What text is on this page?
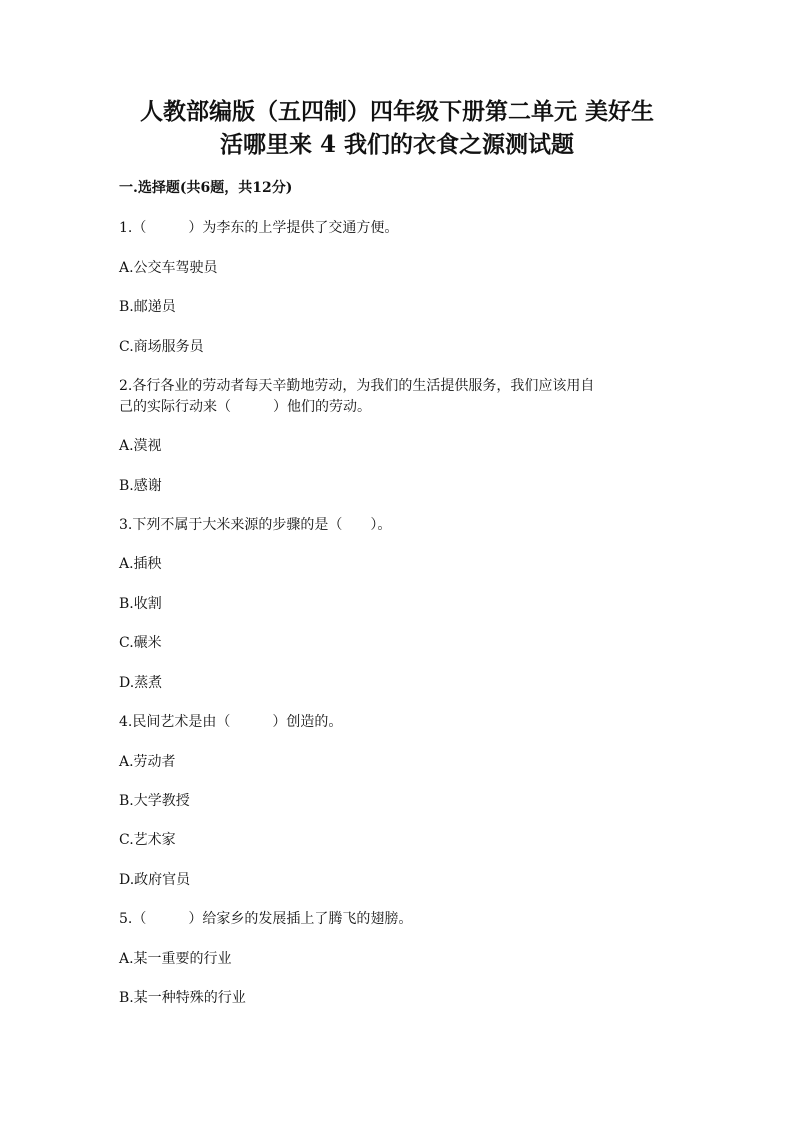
人教部编版（五四制）四年级下册第二单元 美好生
活哪里来 4 我们的衣食之源测试题

一.选择题(共6题，共12分)

1.（　　　）为李东的上学提供了交通方便。

A.公交车驾驶员

B.邮递员

C.商场服务员

2.各行各业的劳动者每天辛勤地劳动，为我们的生活提供服务，我们应该用自

己的实际行动来（　　　）他们的劳动。

A.漠视

B.感谢

3.下列不属于大米来源的步骤的是（　　）。

A.插秧

B.收割

C.碾米

D.蒸煮

4.民间艺术是由（　　　）创造的。

A.劳动者

B.大学教授

C.艺术家

D.政府官员

5.（　　　）给家乡的发展插上了腾飞的翅膀。

A.某一重要的行业

B.某一种特殊的行业
